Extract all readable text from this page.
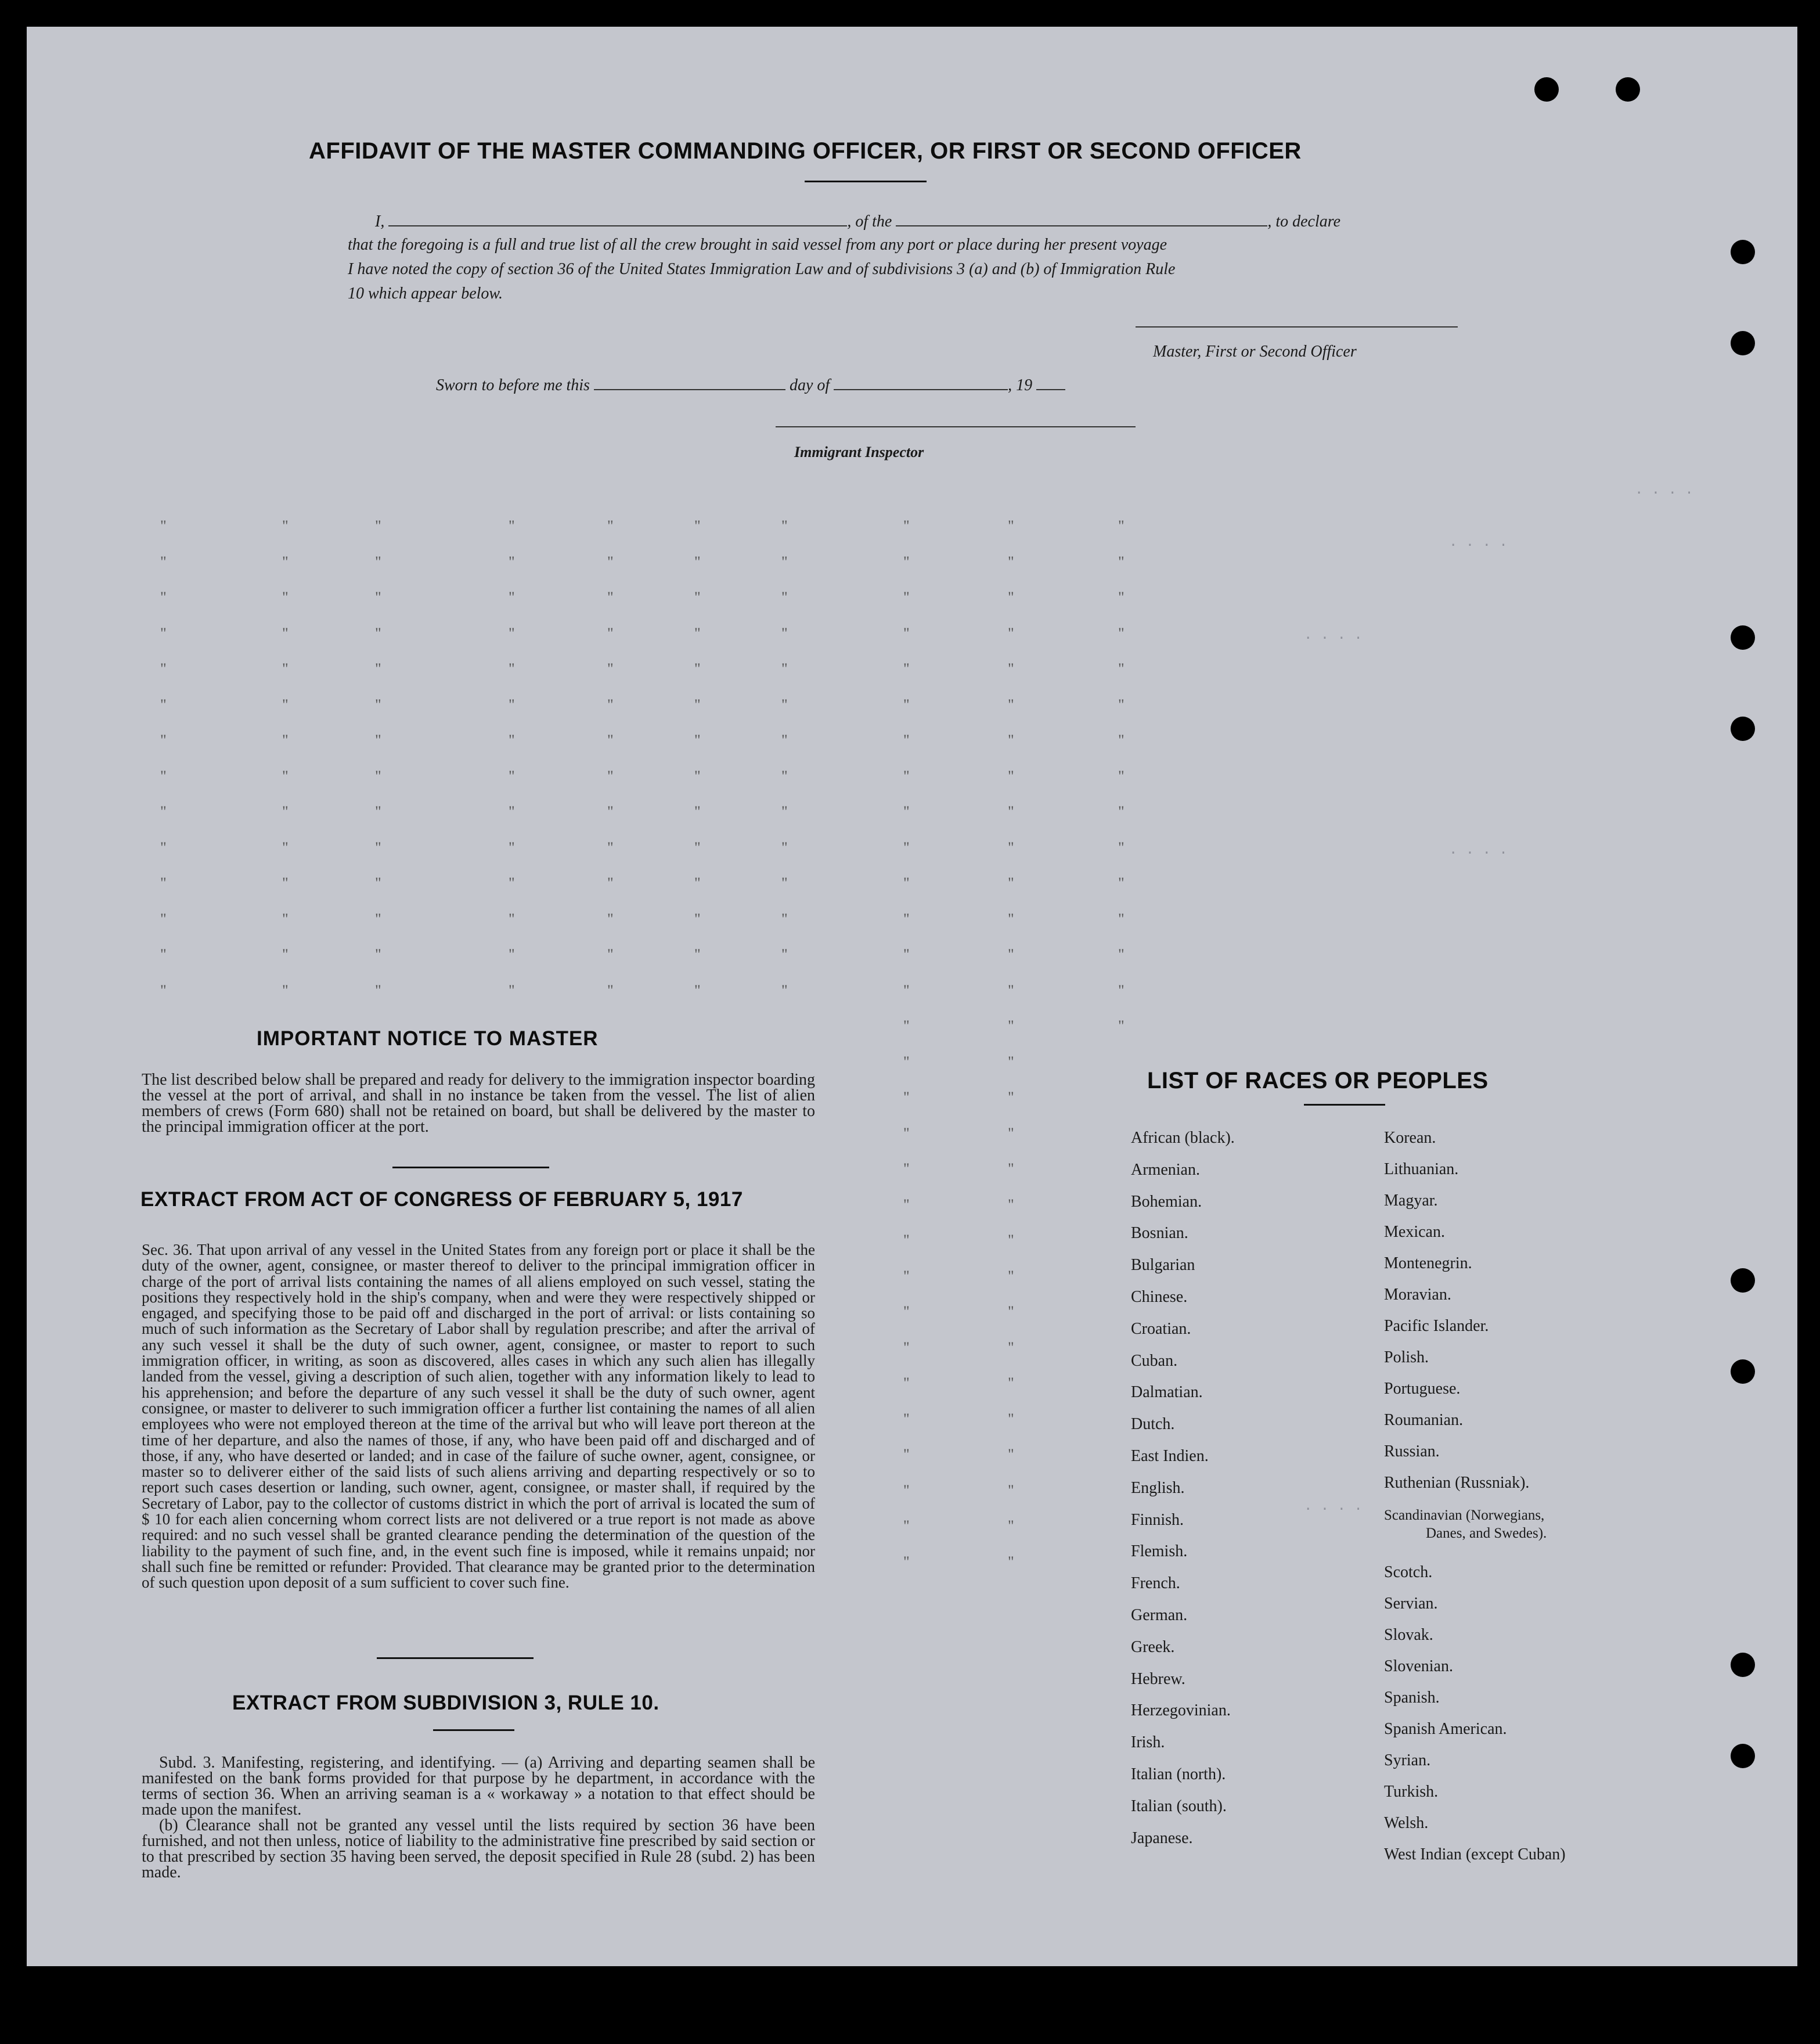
· · · ·
· · · ·
· · · ·
· · · ·
· · · ·
AFFIDAVIT OF THE MASTER COMMANDING OFFICER, OR FIRST OR SECOND OFFICER
I,	, of the	, to declare
that the foregoing is a full and true list of all the crew brought in said vessel from any port or place during her present voyage
I have noted the copy of section 36 of the United States Immigration Law and of subdivisions 3 (a) and (b) of Immigration Rule
10 which appear below.
Master, First or Second Officer
Sworn to before me this	day of	, 19
Immigrant Inspector
"	"	"	"	"	"	"	"	"	"
"	"	"	"	"	"	"	"	"	"
"	"	"	"	"	"	"	"	"	"
"	"	"	"	"	"	"	"	"	"
"	"	"	"	"	"	"	"	"	"
"	"	"	"	"	"	"	"	"	"
"	"	"	"	"	"	"	"	"	"
"	"	"	"	"	"	"	"	"	"
"	"	"	"	"	"	"	"	"	"
"	"	"	"	"	"	"	"	"	"
"	"	"	"	"	"	"	"	"	"
"	"	"	"	"	"	"	"	"	"
"	"	"	"	"	"	"	"	"	"
"	"	"	"	"	"	"	"	"	"
"	"	"
"	"
"	"
"	"
"	"
"	"
"	"
"	"
"	"
"	"
"	"
"	"
"	"
"	"
"	"
"	"
IMPORTANT NOTICE TO MASTER
The list described below shall be prepared and ready for delivery to the immigration inspector boarding the vessel at the port of arrival, and shall in no instance be taken from the vessel. The list of alien members of crews (Form 680) shall not be retained on board, but shall be delivered by the master to the principal immigration officer at the port.
EXTRACT FROM ACT OF CONGRESS OF FEBRUARY 5, 1917
Sec. 36. That upon arrival of any vessel in the United States from any foreign port or place it shall be the duty of the owner, agent, consignee, or master thereof to deliver to the principal immigration officer in charge of the port of arrival lists containing the names of all aliens employed on such vessel, stating the positions they respectively hold in the ship's company, when and were they were respectively shipped or engaged, and specifying those to be paid off and discharged in the port of arrival: or lists containing so much of such information as the Secretary of Labor shall by regulation prescribe; and after the arrival of any such vessel it shall be the duty of such owner, agent, consignee, or master to report to such immigration officer, in writing, as soon as discovered, alles cases in which any such alien has illegally landed from the vessel, giving a description of such alien, together with any information likely to lead to his apprehension; and before the departure of any such vessel it shall be the duty of such owner, agent consignee, or master to deliverer to such immigration officer a further list containing the names of all alien employees who were not employed thereon at the time of the arrival but who will leave port thereon at the time of her departure, and also the names of those, if any, who have been paid off and discharged and of those, if any, who have deserted or landed; and in case of the failure of suche owner, agent, consignee, or master so to deliverer either of the said lists of such aliens arriving and departing respectively or so to report such cases desertion or landing, such owner, agent, consignee, or master shall, if required by the Secretary of Labor, pay to the collector of customs district in which the port of arrival is located the sum of $ 10 for each alien concerning whom correct lists are not delivered or a true report is not made as above required: and no such vessel shall be granted clearance pending the determination of the question of the liability to the payment of such fine, and, in the event such fine is imposed, while it remains unpaid; nor shall such fine be remitted or refunder: Provided. That clearance may be granted prior to the determination of such question upon deposit of a sum sufficient to cover such fine.
EXTRACT FROM SUBDIVISION 3, RULE 10.
Subd. 3. Manifesting, registering, and identifying. — (a) Arriving and departing seamen shall be manifested on the bank forms provided for that purpose by he department, in accordance with the terms of section 36. When an arriving seaman is a « workaway » a notation to that effect should be made upon the manifest.
(b) Clearance shall not be granted any vessel until the lists required by section 36 have been furnished, and not then unless, notice of liability to the administrative fine prescribed by said section or to that prescribed by section 35 having been served, the deposit specified in Rule 28 (subd. 2) has been made.
LIST OF RACES OR PEOPLES
African (black).
Armenian.
Bohemian.
Bosnian.
Bulgarian
Chinese.
Croatian.
Cuban.
Dalmatian.
Dutch.
East Indien.
English.
Finnish.
Flemish.
French.
German.
Greek.
Hebrew.
Herzegovinian.
Irish.
Italian (north).
Italian (south).
Japanese.
Korean.
Lithuanian.
Magyar.
Mexican.
Montenegrin.
Moravian.
Pacific Islander.
Polish.
Portuguese.
Roumanian.
Russian.
Ruthenian (Russniak).
Scandinavian (Norwegians,
Danes, and Swedes).
Scotch.
Servian.
Slovak.
Slovenian.
Spanish.
Spanish American.
Syrian.
Turkish.
Welsh.
West Indian (except Cuban)
